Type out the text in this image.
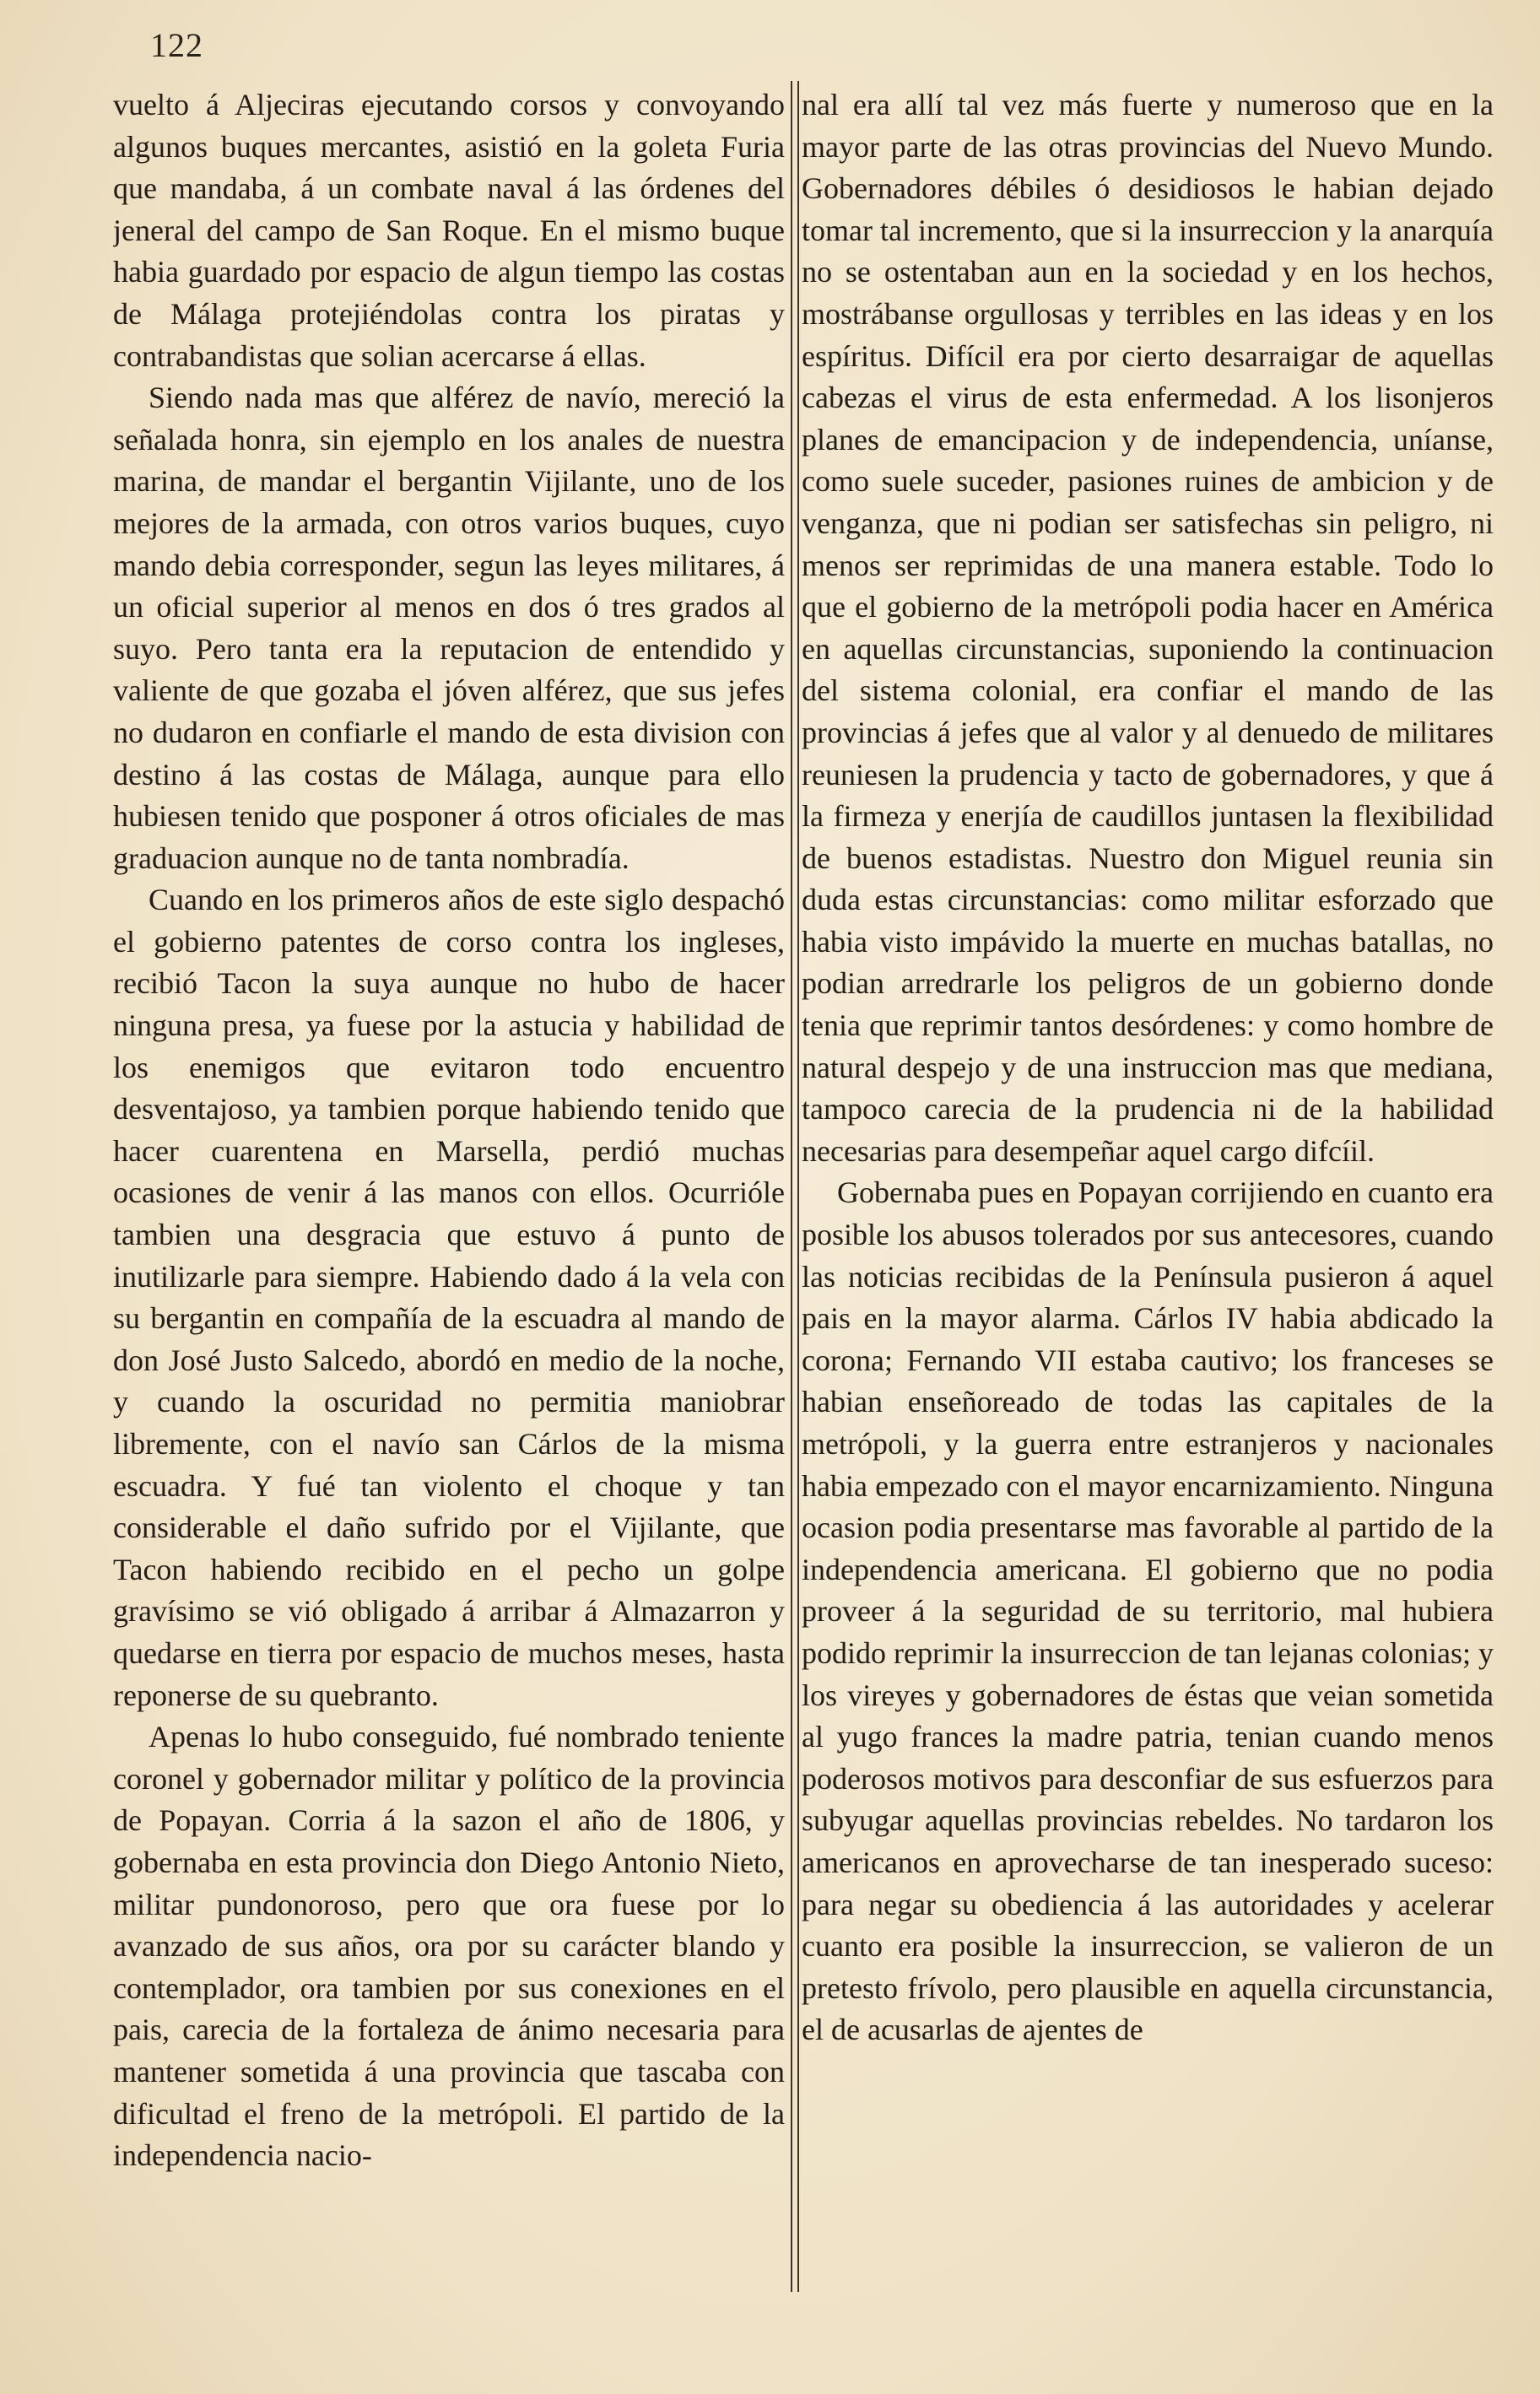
122

vuelto á Aljeciras ejecutando corsos y convoyando algunos buques mercantes, asistió en la goleta Furia que mandaba, á un combate naval á las órdenes del jeneral del campo de San Roque. En el mismo buque habia guardado por espacio de algun tiempo las costas de Málaga protejiéndolas contra los piratas y contrabandistas que solian acercarse á ellas.

Siendo nada mas que alférez de navío, mereció la señalada honra, sin ejemplo en los anales de nuestra marina, de mandar el bergantin Vijilante, uno de los mejores de la armada, con otros varios buques, cuyo mando debia corresponder, segun las leyes militares, á un oficial superior al menos en dos ó tres grados al suyo. Pero tanta era la reputacion de entendido y valiente de que gozaba el jóven alférez, que sus jefes no dudaron en confiarle el mando de esta division con destino á las costas de Málaga, aunque para ello hubiesen tenido que posponer á otros oficiales de mas graduacion aunque no de tanta nombradía.

Cuando en los primeros años de este siglo despachó el gobierno patentes de corso contra los ingleses, recibió Tacon la suya aunque no hubo de hacer ninguna presa, ya fuese por la astucia y habilidad de los enemigos que evitaron todo encuentro desventajoso, ya tambien porque habiendo tenido que hacer cuarentena en Marsella, perdió muchas ocasiones de venir á las manos con ellos. Ocurrióle tambien una desgracia que estuvo á punto de inutilizarle para siempre. Habiendo dado á la vela con su bergantin en compañía de la escuadra al mando de don José Justo Salcedo, abordó en medio de la noche, y cuando la oscuridad no permitia maniobrar libremente, con el navío san Cárlos de la misma escuadra. Y fué tan violento el choque y tan considerable el daño sufrido por el Vijilante, que Tacon habiendo recibido en el pecho un golpe gravísimo se vió obligado á arribar á Almazarron y quedarse en tierra por espacio de muchos meses, hasta reponerse de su quebranto.

Apenas lo hubo conseguido, fué nombrado teniente coronel y gobernador militar y político de la provincia de Popayan. Corria á la sazon el año de 1806, y gobernaba en esta provincia don Diego Antonio Nieto, militar pundonoroso, pero que ora fuese por lo avanzado de sus años, ora por su carácter blando y contemplador, ora tambien por sus conexiones en el pais, carecia de la fortaleza de ánimo necesaria para mantener sometida á una provincia que tascaba con dificultad el freno de la metrópoli. El partido de la independencia nacio-

nal era allí tal vez más fuerte y numeroso que en la mayor parte de las otras provincias del Nuevo Mundo. Gobernadores débiles ó desidiosos le habian dejado tomar tal incremento, que si la insurreccion y la anarquía no se ostentaban aun en la sociedad y en los hechos, mostrábanse orgullosas y terribles en las ideas y en los espíritus. Difícil era por cierto desarraigar de aquellas cabezas el virus de esta enfermedad. A los lisonjeros planes de emancipacion y de independencia, uníanse, como suele suceder, pasiones ruines de ambicion y de venganza, que ni podian ser satisfechas sin peligro, ni menos ser reprimidas de una manera estable. Todo lo que el gobierno de la metrópoli podia hacer en América en aquellas circunstancias, suponiendo la continuacion del sistema colonial, era confiar el mando de las provincias á jefes que al valor y al denuedo de militares reuniesen la prudencia y tacto de gobernadores, y que á la firmeza y enerjía de caudillos juntasen la flexibilidad de buenos estadistas. Nuestro don Miguel reunia sin duda estas circunstancias: como militar esforzado que habia visto impávido la muerte en muchas batallas, no podian arredrarle los peligros de un gobierno donde tenia que reprimir tantos desórdenes: y como hombre de natural despejo y de una instruccion mas que mediana, tampoco carecia de la prudencia ni de la habilidad necesarias para desempeñar aquel cargo difcíil.

Gobernaba pues en Popayan corrijiendo en cuanto era posible los abusos tolerados por sus antecesores, cuando las noticias recibidas de la Península pusieron á aquel pais en la mayor alarma. Cárlos IV habia abdicado la corona; Fernando VII estaba cautivo; los franceses se habian enseñoreado de todas las capitales de la metrópoli, y la guerra entre estranjeros y nacionales habia empezado con el mayor encarnizamiento. Ninguna ocasion podia presentarse mas favorable al partido de la independencia americana. El gobierno que no podia proveer á la seguridad de su territorio, mal hubiera podido reprimir la insurreccion de tan lejanas colonias; y los vireyes y gobernadores de éstas que veian sometida al yugo frances la madre patria, tenian cuando menos poderosos motivos para desconfiar de sus esfuerzos para subyugar aquellas provincias rebeldes. No tardaron los americanos en aprovecharse de tan inesperado suceso: para negar su obediencia á las autoridades y acelerar cuanto era posible la insurreccion, se valieron de un pretesto frívolo, pero plausible en aquella circunstancia, el de acusarlas de ajentes de
